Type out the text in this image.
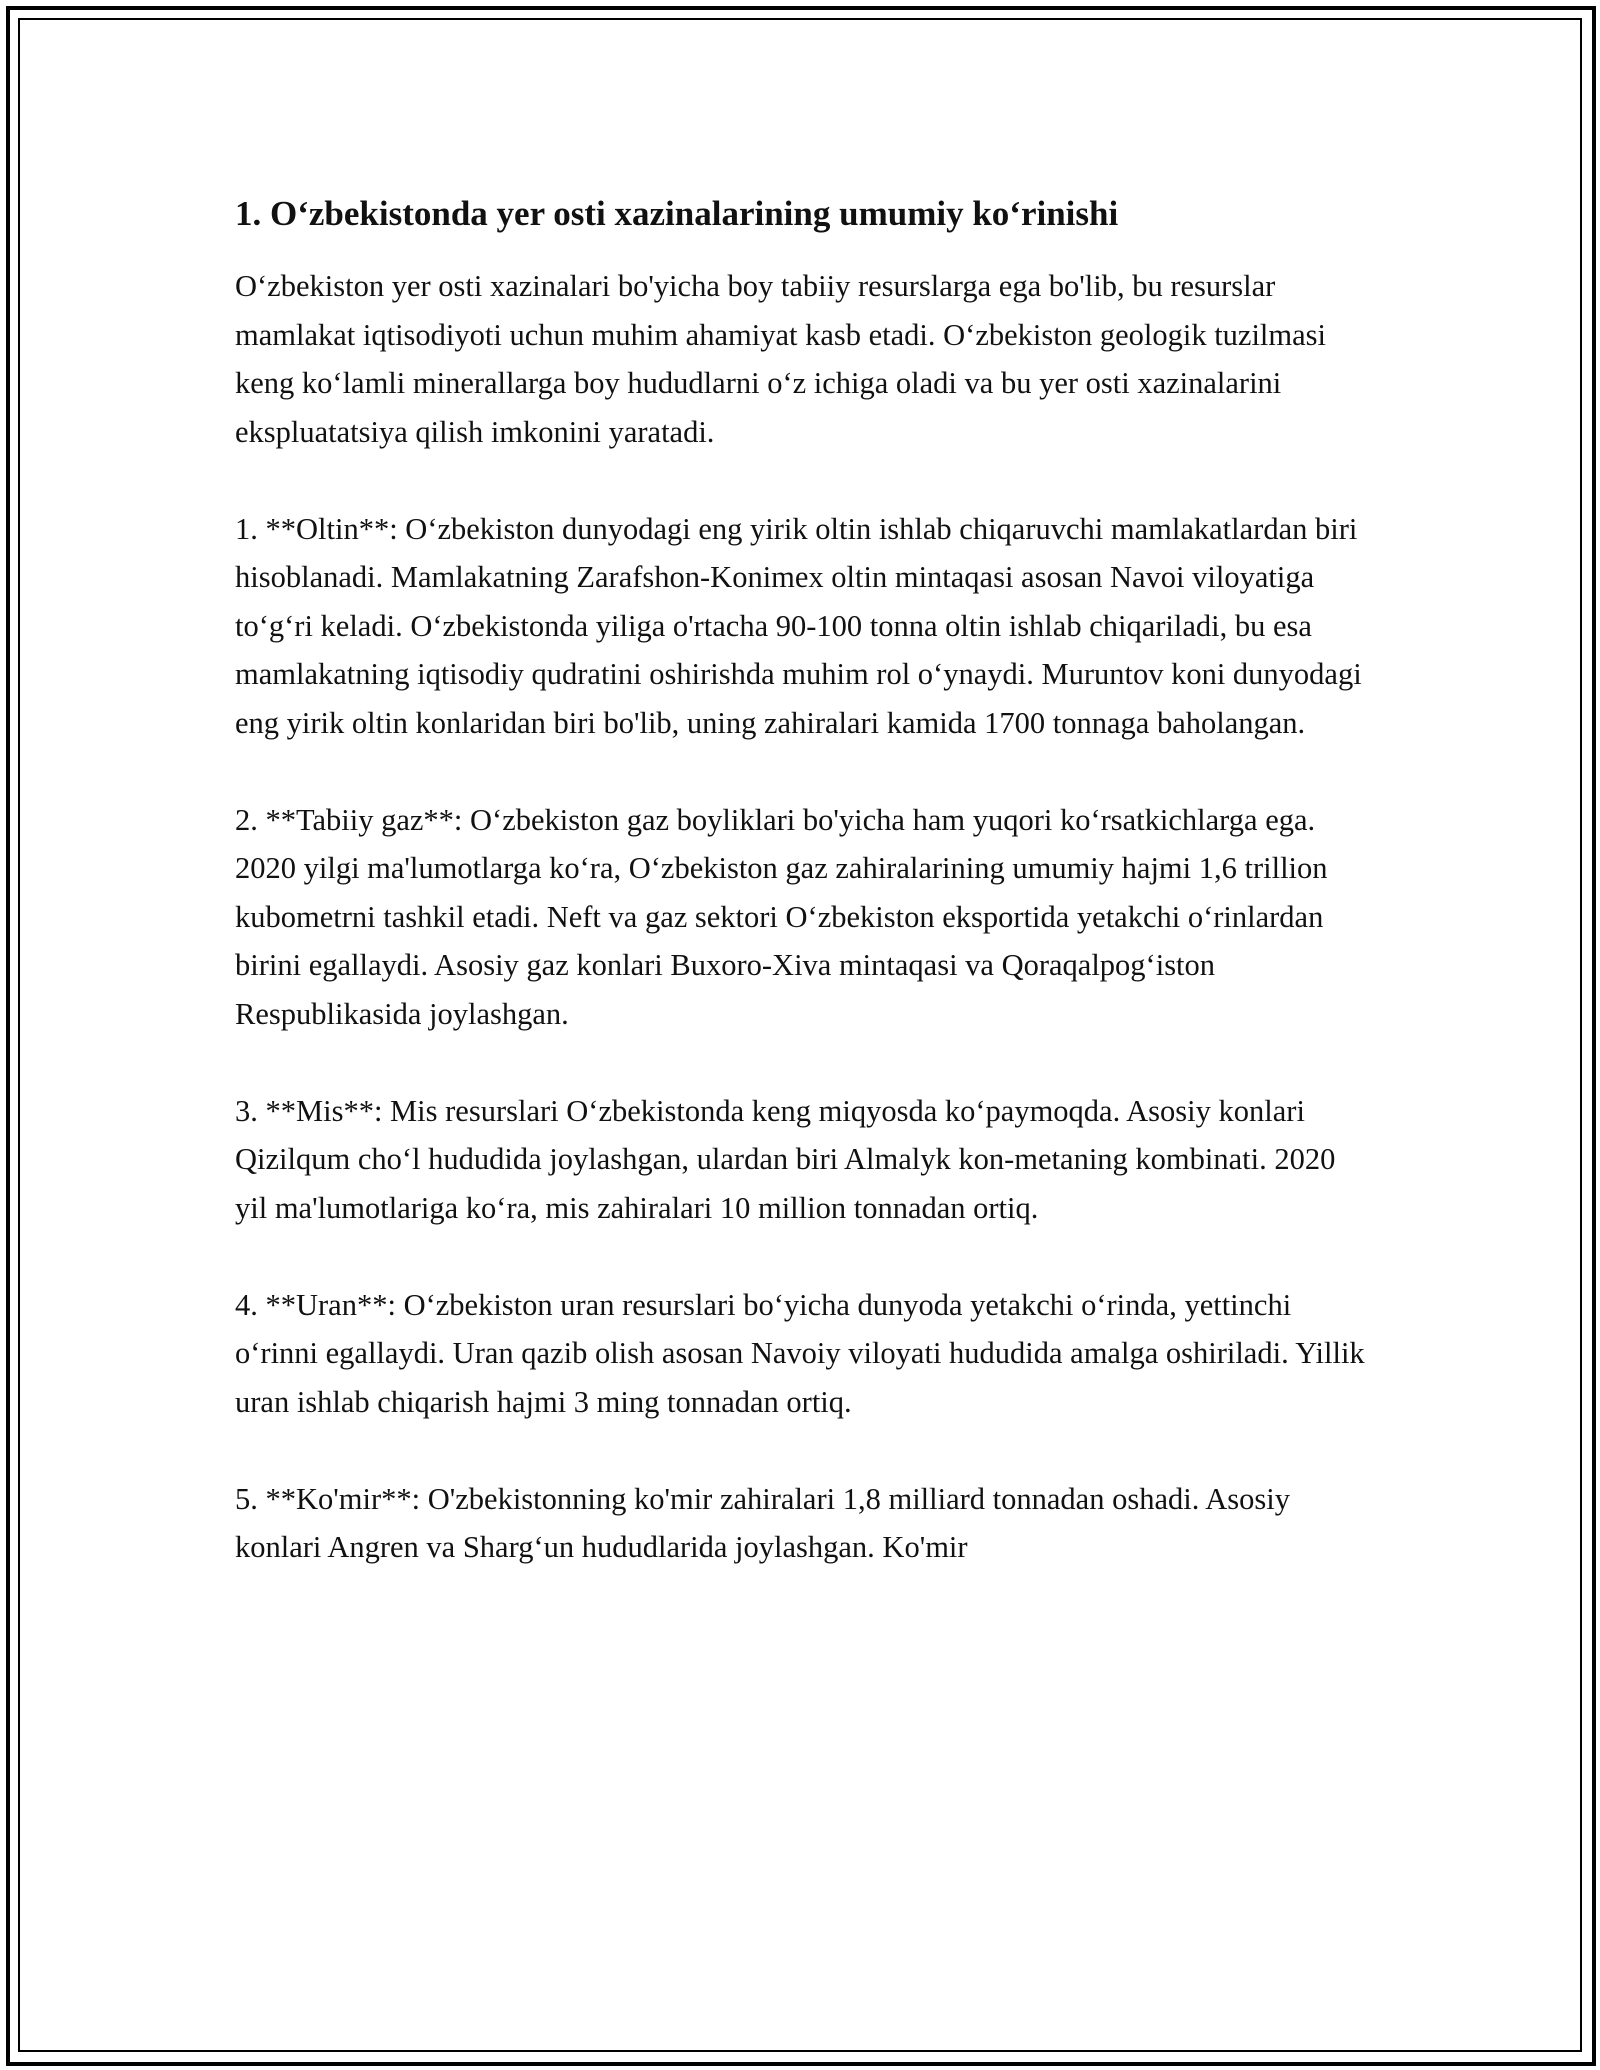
1. O‘zbekistonda yer osti xazinalarining umumiy ko‘rinishi

O‘zbekiston yer osti xazinalari bo'yicha boy tabiiy resurslarga ega bo'lib, bu resurslar mamlakat iqtisodiyoti uchun muhim ahamiyat kasb etadi. O‘zbekiston geologik tuzilmasi keng ko‘lamli minerallarga boy hududlarni o‘z ichiga oladi va bu yer osti xazinalarini ekspluatatsiya qilish imkonini yaratadi.

1. **Oltin**: O‘zbekiston dunyodagi eng yirik oltin ishlab chiqaruvchi mamlakatlardan biri hisoblanadi. Mamlakatning Zarafshon-Konimex oltin mintaqasi asosan Navoi viloyatiga to‘g‘ri keladi. O‘zbekistonda yiliga o'rtacha 90-100 tonna oltin ishlab chiqariladi, bu esa mamlakatning iqtisodiy qudratini oshirishda muhim rol o‘ynaydi. Muruntov koni dunyodagi eng yirik oltin konlaridan biri bo'lib, uning zahiralari kamida 1700 tonnaga baholangan.

2. **Tabiiy gaz**: O‘zbekiston gaz boyliklari bo'yicha ham yuqori ko‘rsatkichlarga ega. 2020 yilgi ma'lumotlarga ko‘ra, O‘zbekiston gaz zahiralarining umumiy hajmi 1,6 trillion kubometrni tashkil etadi. Neft va gaz sektori O‘zbekiston eksportida yetakchi o‘rinlardan birini egallaydi. Asosiy gaz konlari Buxoro-Xiva mintaqasi va Qoraqalpog‘iston Respublikasida joylashgan.

3. **Mis**: Mis resurslari O‘zbekistonda keng miqyosda ko‘paymoqda. Asosiy konlari Qizilqum cho‘l hududida joylashgan, ulardan biri Almalyk kon-metaning kombinati. 2020 yil ma'lumotlariga ko‘ra, mis zahiralari 10 million tonnadan ortiq.

4. **Uran**: O‘zbekiston uran resurslari bo‘yicha dunyoda yetakchi o‘rinda, yettinchi o‘rinni egallaydi. Uran qazib olish asosan Navoiy viloyati hududida amalga oshiriladi. Yillik uran ishlab chiqarish hajmi 3 ming tonnadan ortiq.

5. **Ko'mir**: O'zbekistonning ko'mir zahiralari 1,8 milliard tonnadan oshadi. Asosiy konlari Angren va Sharg‘un hududlarida joylashgan. Ko'mir
